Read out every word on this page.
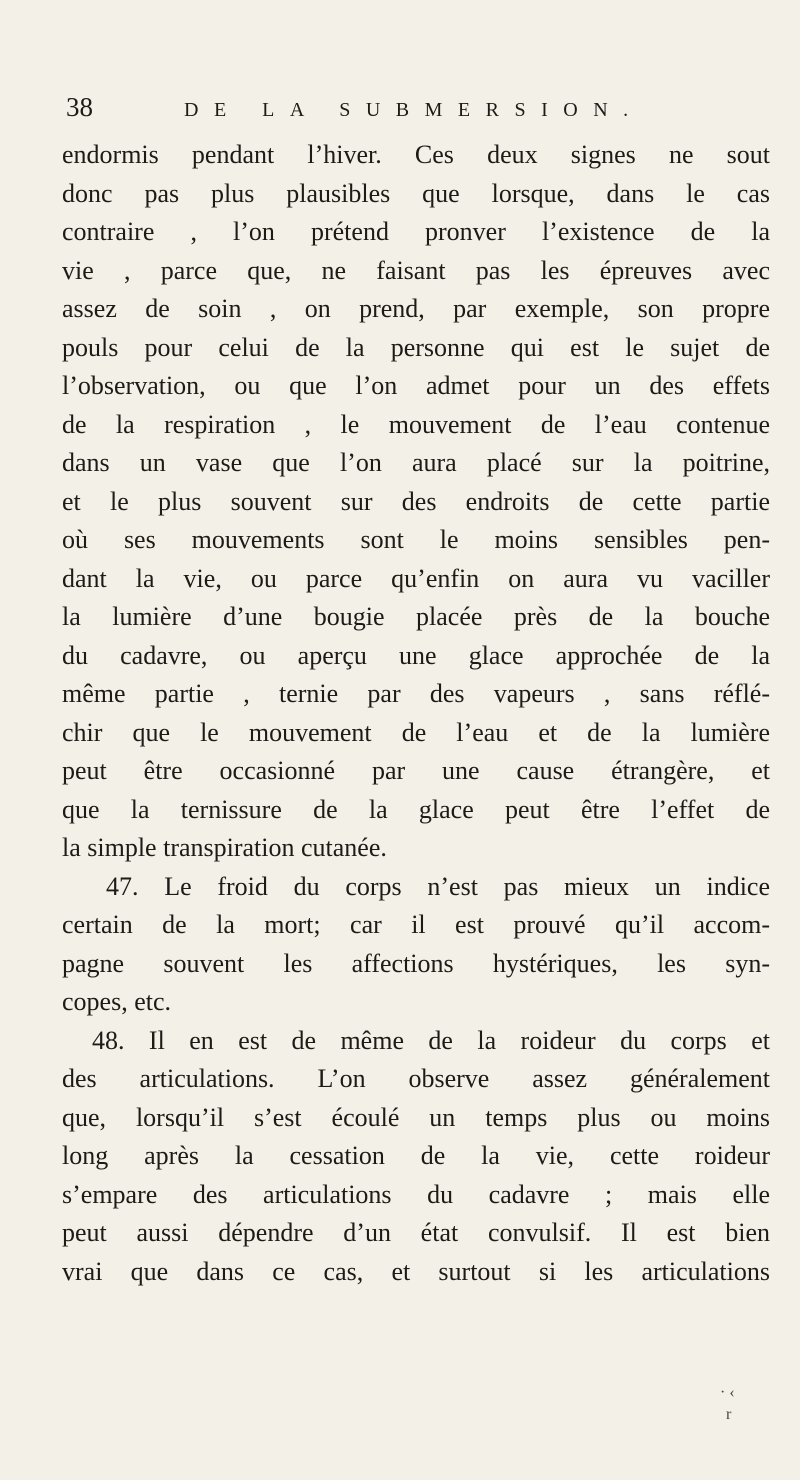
38	DE LA SUBMERSION.
endormis pendant l’hiver. Ces deux signes ne sout
donc pas plus plausibles que lorsque, dans le cas
contraire , l’on prétend pronver l’existence de la
vie , parce que, ne faisant pas les épreuves avec
assez de soin , on prend, par exemple, son propre
pouls pour celui de la personne qui est le sujet de
l’observation, ou que l’on admet pour un des effets
de la respiration , le mouvement de l’eau contenue
dans un vase que l’on aura placé sur la poitrine,
et le plus souvent sur des endroits de cette partie
où ses mouvements sont le moins sensibles pen-
dant la vie, ou parce qu’enfin on aura vu vaciller
la lumière d’une bougie placée près de la bouche
du cadavre, ou aperçu une glace approchée de la
même partie , ternie par des vapeurs , sans réflé-
chir que le mouvement de l’eau et de la lumière
peut être occasionné par une cause étrangère, et
que la ternissure de la glace peut être l’effet de
la simple transpiration cutanée.
47. Le froid du corps n’est pas mieux un indice
certain de la mort; car il est prouvé qu’il accom-
pagne souvent les affections hystériques, les syn-
copes, etc.
48. Il en est de même de la roideur du corps et
des articulations. L’on observe assez généralement
que, lorsqu’il s’est écoulé un temps plus ou moins
long après la cessation de la vie, cette roideur
s’empare des articulations du cadavre ; mais elle
peut aussi dépendre d’un état convulsif. Il est bien
vrai que dans ce cas, et surtout si les articulations
· ‹
r
